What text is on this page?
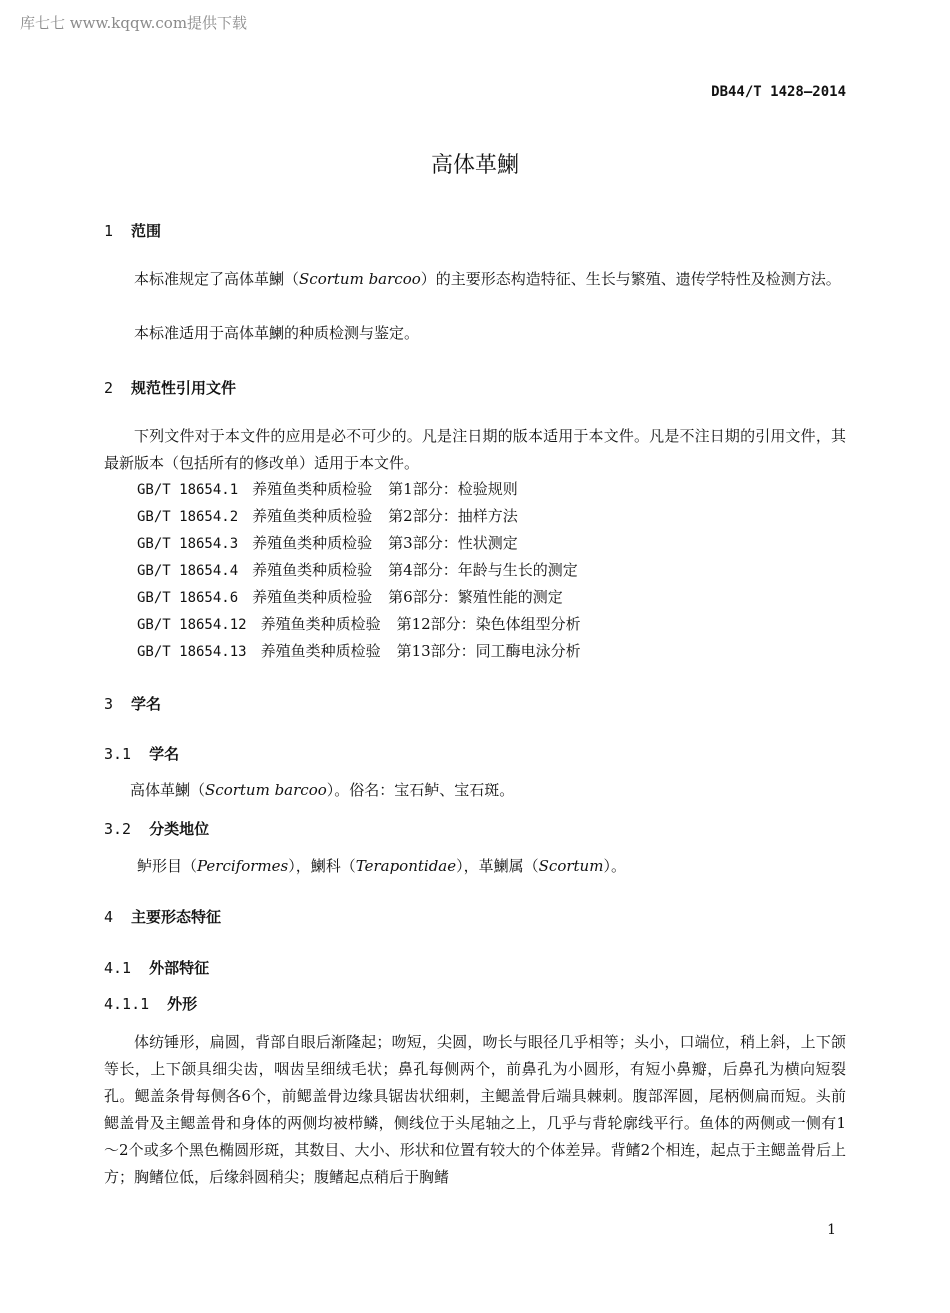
库七七 www.kqqw.com提供下载
DB44/T 1428—2014
高体革鯻
1 范围
本标准规定了高体革鯻（Scortum barcoo）的主要形态构造特征、生长与繁殖、遗传学特性及检测方法。
本标准适用于高体革鯻的种质检测与鉴定。
2 规范性引用文件
下列文件对于本文件的应用是必不可少的。凡是注日期的版本适用于本文件。凡是不注日期的引用文件，其最新版本（包括所有的修改单）适用于本文件。
GB/T 18654.1 养殖鱼类种质检验 第1部分：检验规则
GB/T 18654.2 养殖鱼类种质检验 第2部分：抽样方法
GB/T 18654.3 养殖鱼类种质检验 第3部分：性状测定
GB/T 18654.4 养殖鱼类种质检验 第4部分：年龄与生长的测定
GB/T 18654.6 养殖鱼类种质检验 第6部分：繁殖性能的测定
GB/T 18654.12 养殖鱼类种质检验 第12部分：染色体组型分析
GB/T 18654.13 养殖鱼类种质检验 第13部分：同工酶电泳分析
3 学名
3.1 学名
高体革鯻（Scortum barcoo）。俗名：宝石鲈、宝石斑。
3.2 分类地位
鲈形目（Perciformes），鯻科（Terapontidae），革鯻属（Scortum）。
4 主要形态特征
4.1 外部特征
4.1.1 外形
体纺锤形，扁圆，背部自眼后渐隆起；吻短，尖圆，吻长与眼径几乎相等；头小，口端位，稍上斜，上下颌等长，上下颌具细尖齿，咽齿呈细绒毛状；鼻孔每侧两个，前鼻孔为小圆形，有短小鼻瓣，后鼻孔为横向短裂孔。鳃盖条骨每侧各6个，前鳃盖骨边缘具锯齿状细刺，主鳃盖骨后端具棘刺。腹部浑圆，尾柄侧扁而短。头前鳃盖骨及主鳃盖骨和身体的两侧均被栉鳞，侧线位于头尾轴之上，几乎与背轮廓线平行。鱼体的两侧或一侧有1～2个或多个黑色椭圆形斑，其数目、大小、形状和位置有较大的个体差异。背鳍2个相连，起点于主鳃盖骨后上方；胸鳍位低，后缘斜圆稍尖；腹鳍起点稍后于胸鳍
1
